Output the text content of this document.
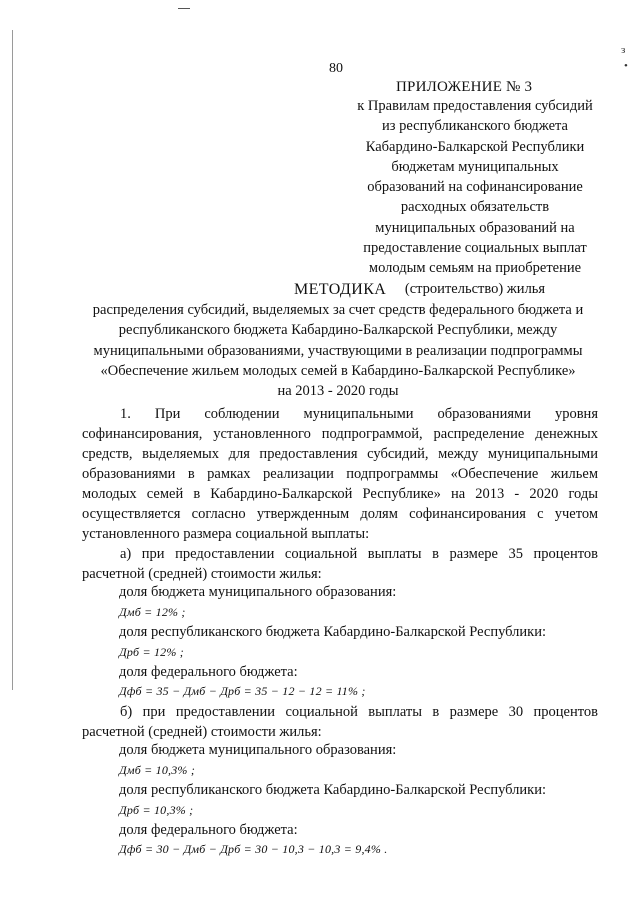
з
•
80
ПРИЛОЖЕНИЕ № 3
к Правилам предоставления субсидий
из республиканского бюджета
Кабардино-Балкарской Республики
бюджетам муниципальных
образований на софинансирование
расходных обязательств
муниципальных образований на
предоставление социальных выплат
молодым семьям на приобретение
(строительство) жилья
МЕТОДИКА
распределения субсидий, выделяемых за счет средств федерального бюджета и
республиканского бюджета Кабардино-Балкарской Республики, между
муниципальными образованиями, участвующими в реализации подпрограммы
«Обеспечение жильем молодых семей в Кабардино-Балкарской Республике»
на 2013 - 2020 годы
1. При соблюдении муниципальными образованиями уровня
софинансирования, установленного подпрограммой, распределение денежных
средств, выделяемых для предоставления субсидий, между муниципальными
образованиями в рамках реализации подпрограммы «Обеспечение жильем
молодых семей в Кабардино-Балкарской Республике» на 2013 - 2020 годы
осуществляется согласно утвержденным долям софинансирования с учетом
установленного размера социальной выплаты:
а) при предоставлении социальной выплаты в размере 35 процентов
расчетной (средней) стоимости жилья:
доля бюджета муниципального образования:
Дмб = 12% ;
доля республиканского бюджета Кабардино-Балкарской Республики:
Дрб = 12% ;
доля федерального бюджета:
Дфб = 35 − Дмб − Дрб = 35 − 12 − 12 = 11% ;
б) при предоставлении социальной выплаты в размере 30 процентов
расчетной (средней) стоимости жилья:
доля бюджета муниципального образования:
Дмб = 10,3% ;
доля республиканского бюджета Кабардино-Балкарской Республики:
Дрб = 10,3% ;
доля федерального бюджета:
Дфб = 30 − Дмб − Дрб = 30 − 10,3 − 10,3 = 9,4% .
